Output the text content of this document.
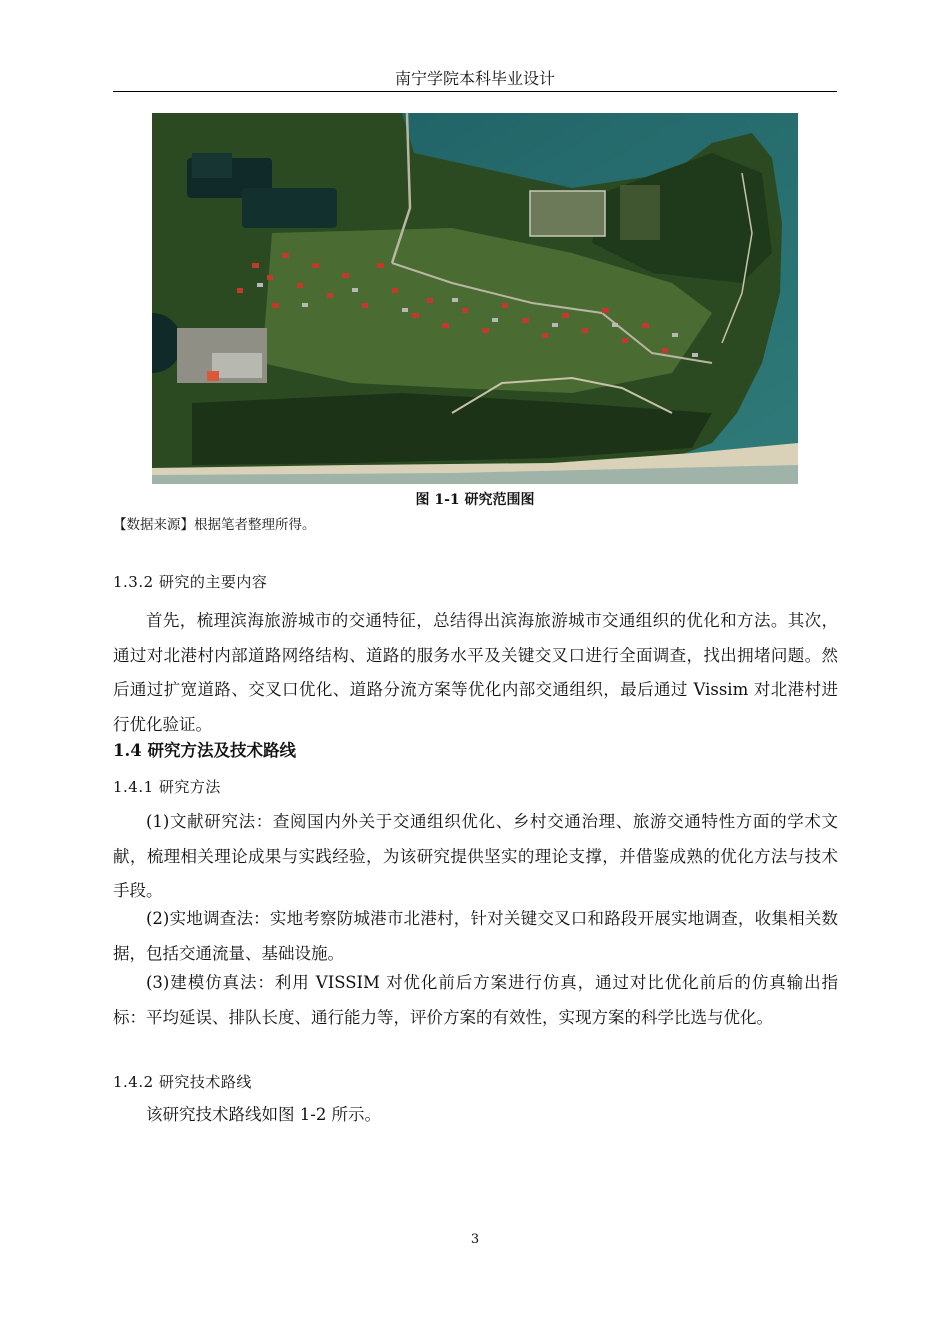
南宁学院本科毕业设计
图 1-1 研究范围图
【数据来源】根据笔者整理所得。
1.3.2 研究的主要内容
首先，梳理滨海旅游城市的交通特征，总结得出滨海旅游城市交通组织的优化和方法。其次，通过对北港村内部道路网络结构、道路的服务水平及关键交叉口进行全面调查，找出拥堵问题。然后通过扩宽道路、交叉口优化、道路分流方案等优化内部交通组织，最后通过 Vissim 对北港村进行优化验证。
1.4 研究方法及技术路线
1.4.1 研究方法
(1)文献研究法：查阅国内外关于交通组织优化、乡村交通治理、旅游交通特性方面的学术文献，梳理相关理论成果与实践经验，为该研究提供坚实的理论支撑，并借鉴成熟的优化方法与技术手段。
(2)实地调查法：实地考察防城港市北港村，针对关键交叉口和路段开展实地调查，收集相关数据，包括交通流量、基础设施。
(3)建模仿真法：利用 VISSIM 对优化前后方案进行仿真，通过对比优化前后的仿真输出指标：平均延误、排队长度、通行能力等，评价方案的有效性，实现方案的科学比选与优化。
1.4.2 研究技术路线
该研究技术路线如图 1-2 所示。
3
